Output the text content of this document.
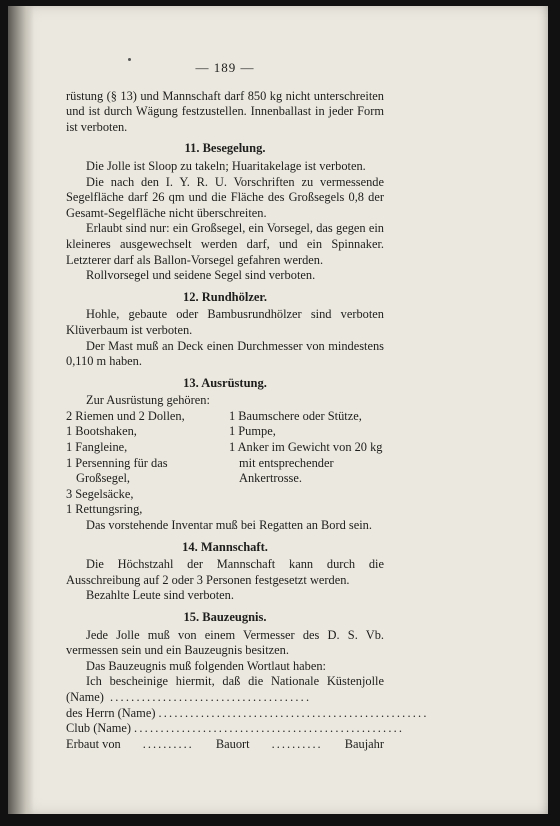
— 189 —

rüstung (§ 13) und Mannschaft darf 850 kg nicht unterschreiten und ist durch Wägung festzustellen. Innenballast in jeder Form ist verboten.

11. Besegelung.

Die Jolle ist Sloop zu takeln; Huaritakelage ist verboten.

Die nach den I. Y. R. U. Vorschriften zu vermessende Segelfläche darf 26 qm und die Fläche des Großsegels 0,8 der Gesamt-Segelfläche nicht überschreiten.

Erlaubt sind nur: ein Großsegel, ein Vorsegel, das gegen ein kleineres ausgewechselt werden darf, und ein Spinnaker. Letzterer darf als Ballon-Vorsegel gefahren werden.

Rollvorsegel und seidene Segel sind verboten.

12. Rundhölzer.

Hohle, gebaute oder Bambusrundhölzer sind verboten Klüverbaum ist verboten.

Der Mast muß an Deck einen Durchmesser von mindestens 0,110 m haben.

13. Ausrüstung.

Zur Ausrüstung gehören:

2 Riemen und 2 Dollen,

1 Bootshaken,

1 Fangleine,

1 Persenning für das Großsegel,

3 Segelsäcke,

1 Rettungsring,

1 Baumschere oder Stütze,

1 Pumpe,

1 Anker im Gewicht von 20 kg mit entsprechender Ankertrosse.

Das vorstehende Inventar muß bei Regatten an Bord sein.

14. Mannschaft.

Die Höchstzahl der Mannschaft kann durch die Ausschreibung auf 2 oder 3 Personen festgesetzt werden.

Bezahlte Leute sind verboten.

15. Bauzeugnis.

Jede Jolle muß von einem Vermesser des D. S. Vb. vermessen sein und ein Bauzeugnis besitzen.

Das Bauzeugnis muß folgenden Wortlaut haben:

Ich bescheinige hiermit, daß die Nationale Küstenjolle (Name) ......................................

des Herrn (Name) ...................................................

Club (Name) ...................................................

Erbaut von .......... Bauort .......... Baujahr
